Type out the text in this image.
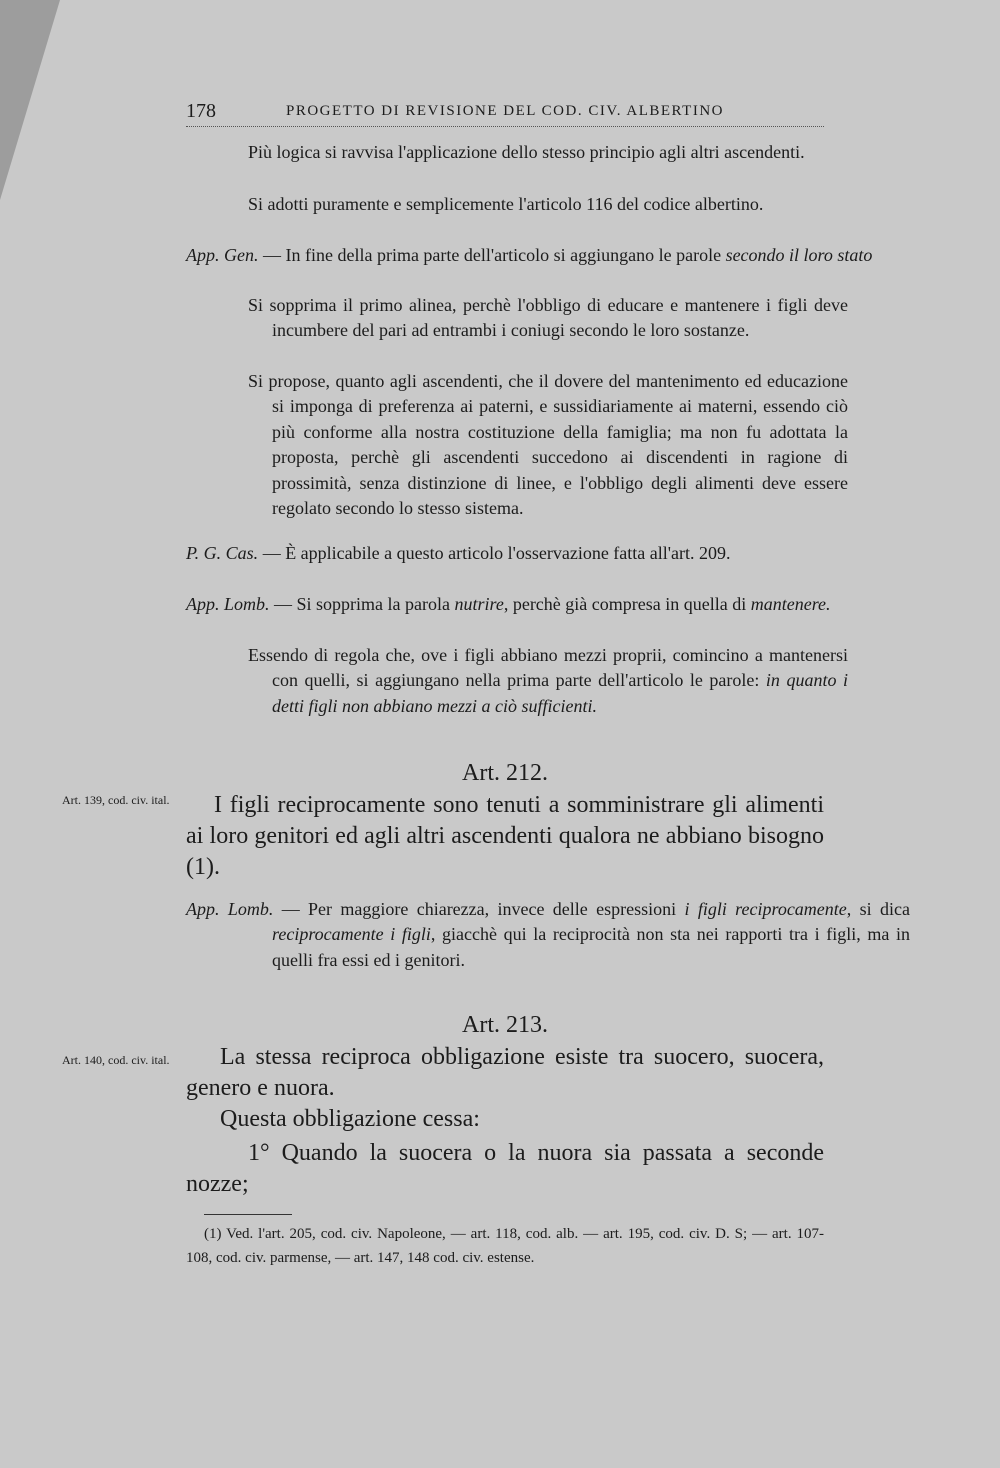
178	PROGETTO DI REVISIONE DEL COD. CIV. ALBERTINO

Più logica si ravvisa l'applicazione dello stesso principio agli altri ascendenti.

Si adotti puramente e semplicemente l'articolo 116 del codice albertino.

App. Gen. — In fine della prima parte dell'articolo si aggiungano le parole secondo il loro stato

Si sopprima il primo alinea, perchè l'obbligo di educare e mantenere i figli deve incumbere del pari ad entrambi i coniugi secondo le loro sostanze.

Si propose, quanto agli ascendenti, che il dovere del mantenimento ed educazione si imponga di preferenza ai paterni, e sussidiariamente ai materni, essendo ciò più conforme alla nostra costituzione della famiglia; ma non fu adottata la proposta, perchè gli ascendenti succedono ai discendenti in ragione di prossimità, senza distinzione di linee, e l'obbligo degli alimenti deve essere regolato secondo lo stesso sistema.

P. G. Cas. — È applicabile a questo articolo l'osservazione fatta all'art. 209.

App. Lomb. — Si sopprima la parola nutrire, perchè già compresa in quella di mantenere.

Essendo di regola che, ove i figli abbiano mezzi proprii, comincino a mantenersi con quelli, si aggiungano nella prima parte dell'articolo le parole: in quanto i detti figli non abbiano mezzi a ciò sufficienti.

Art. 212.

Art. 139, cod. civ. ital.	I figli reciprocamente sono tenuti a somministrare gli alimenti ai loro genitori ed agli altri ascendenti qualora ne abbiano bisogno (1).

App. Lomb. — Per maggiore chiarezza, invece delle espressioni i figli reciprocamente, si dica reciprocamente i figli, giacchè qui la reciprocità non sta nei rapporti tra i figli, ma in quelli fra essi ed i genitori.

Art. 213.

Art. 140, cod. civ. ital.	La stessa reciproca obbligazione esiste tra suocero, suocera, genero e nuora.

Questa obbligazione cessa:

1° Quando la suocera o la nuora sia passata a seconde nozze;

(1) Ved. l'art. 205, cod. civ. Napoleone, — art. 118, cod. alb. — art. 195, cod. civ. D. S; — art. 107-108, cod. civ. parmense, — art. 147, 148 cod. civ. estense.
